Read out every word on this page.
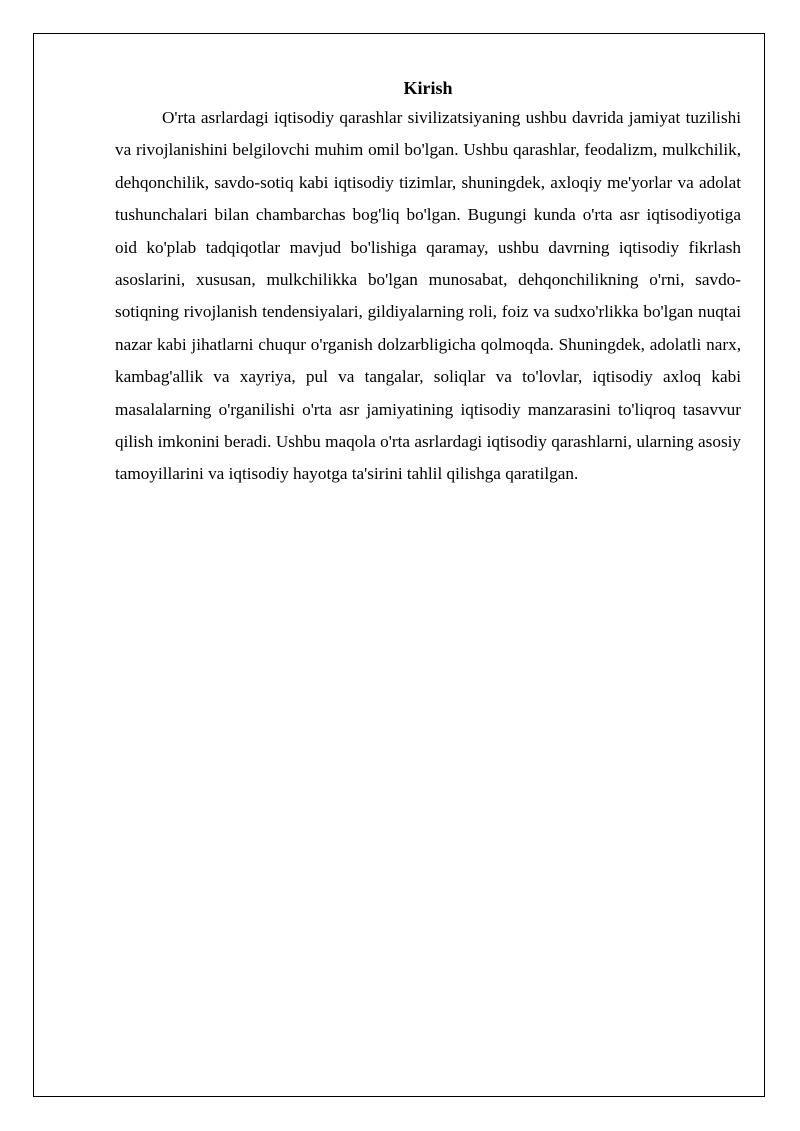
Kirish

O'rta asrlardagi iqtisodiy qarashlar sivilizatsiyaning ushbu davrida jamiyat tuzilishi va rivojlanishini belgilovchi muhim omil bo'lgan. Ushbu qarashlar, feodalizm, mulkchilik, dehqonchilik, savdo-sotiq kabi iqtisodiy tizimlar, shuningdek, axloqiy me'yorlar va adolat tushunchalari bilan chambarchas bog'liq bo'lgan. Bugungi kunda o'rta asr iqtisodiyotiga oid ko'plab tadqiqotlar mavjud bo'lishiga qaramay, ushbu davrning iqtisodiy fikrlash asoslarini, xususan, mulkchilikka bo'lgan munosabat, dehqonchilikning o'rni, savdo-sotiqning rivojlanish tendensiyalari, gildiyalarning roli, foiz va sudxo'rlikka bo'lgan nuqtai nazar kabi jihatlarni chuqur o'rganish dolzarbligicha qolmoqda. Shuningdek, adolatli narx, kambag'allik va xayriya, pul va tangalar, soliqlar va to'lovlar, iqtisodiy axloq kabi masalalarning o'rganilishi o'rta asr jamiyatining iqtisodiy manzarasini to'liqroq tasavvur qilish imkonini beradi. Ushbu maqola o'rta asrlardagi iqtisodiy qarashlarni, ularning asosiy tamoyillarini va iqtisodiy hayotga ta'sirini tahlil qilishga qaratilgan.
